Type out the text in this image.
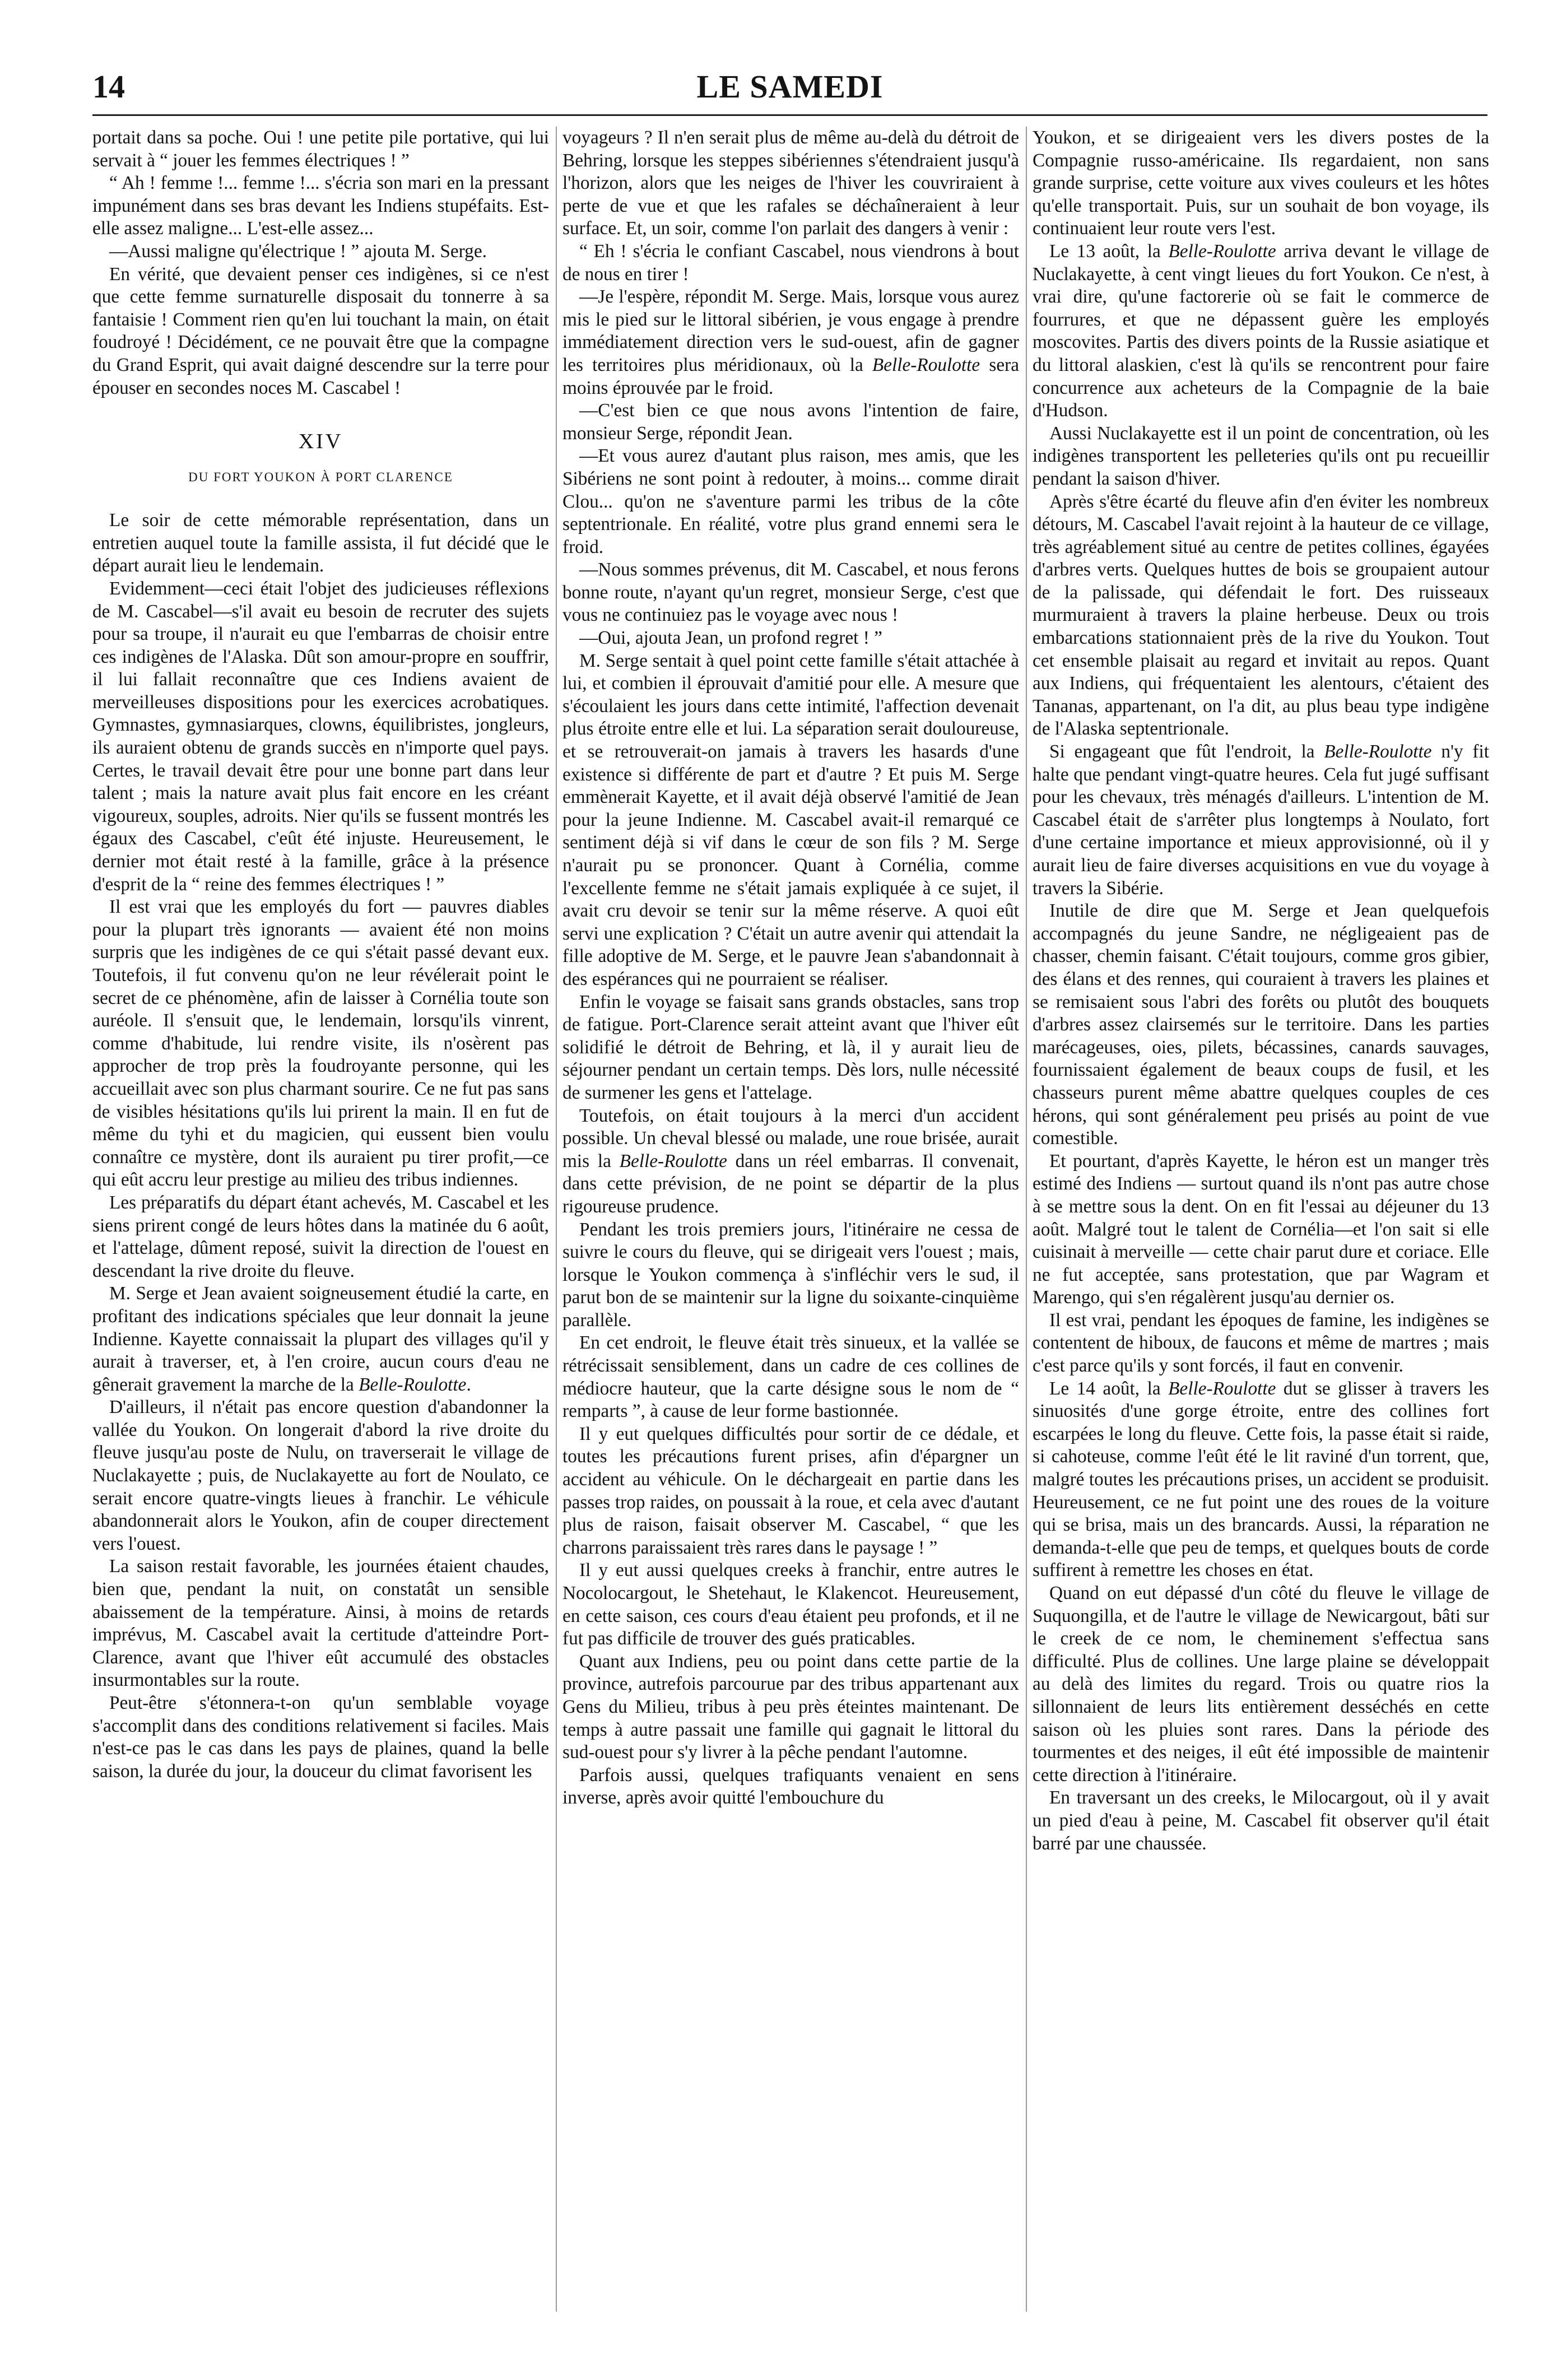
14	LE SAMEDI

portait dans sa poche. Oui ! une petite pile portative, qui lui servait à “ jouer les femmes électriques ! ”

“ Ah ! femme !... femme !... s'écria son mari en la pressant impunément dans ses bras devant les Indiens stupéfaits. Est-elle assez maligne... L'est-elle assez...

—Aussi maligne qu'électrique ! ” ajouta M. Serge.

En vérité, que devaient penser ces indigènes, si ce n'est que cette femme surnaturelle disposait du tonnerre à sa fantaisie ! Comment rien qu'en lui touchant la main, on était foudroyé ! Décidément, ce ne pouvait être que la compagne du Grand Esprit, qui avait daigné descendre sur la terre pour épouser en secondes noces M. Cascabel !

XIV
DU FORT YOUKON À PORT CLARENCE

Le soir de cette mémorable représentation, dans un entretien auquel toute la famille assista, il fut décidé que le départ aurait lieu le lendemain.

Evidemment—ceci était l'objet des judicieuses réflexions de M. Cascabel—s'il avait eu besoin de recruter des sujets pour sa troupe, il n'aurait eu que l'embarras de choisir entre ces indigènes de l'Alaska. Dût son amour-propre en souffrir, il lui fallait reconnaître que ces Indiens avaient de merveilleuses dispositions pour les exercices acrobatiques. Gymnastes, gymnasiarques, clowns, équilibristes, jongleurs, ils auraient obtenu de grands succès en n'importe quel pays. Certes, le travail devait être pour une bonne part dans leur talent ; mais la nature avait plus fait encore en les créant vigoureux, souples, adroits. Nier qu'ils se fussent montrés les égaux des Cascabel, c'eût été injuste. Heureusement, le dernier mot était resté à la famille, grâce à la présence d'esprit de la “ reine des femmes électriques ! ”

Il est vrai que les employés du fort — pauvres diables pour la plupart très ignorants — avaient été non moins surpris que les indigènes de ce qui s'était passé devant eux. Toutefois, il fut convenu qu'on ne leur révélerait point le secret de ce phénomène, afin de laisser à Cornélia toute son auréole. Il s'ensuit que, le lendemain, lorsqu'ils vinrent, comme d'habitude, lui rendre visite, ils n'osèrent pas approcher de trop près la foudroyante personne, qui les accueillait avec son plus charmant sourire. Ce ne fut pas sans de visibles hésitations qu'ils lui prirent la main. Il en fut de même du tyhi et du magicien, qui eussent bien voulu connaître ce mystère, dont ils auraient pu tirer profit,—ce qui eût accru leur prestige au milieu des tribus indiennes.

Les préparatifs du départ étant achevés, M. Cascabel et les siens prirent congé de leurs hôtes dans la matinée du 6 août, et l'attelage, dûment reposé, suivit la direction de l'ouest en descendant la rive droite du fleuve.

M. Serge et Jean avaient soigneusement étudié la carte, en profitant des indications spéciales que leur donnait la jeune Indienne. Kayette connaissait la plupart des villages qu'il y aurait à traverser, et, à l'en croire, aucun cours d'eau ne gênerait gravement la marche de la Belle-Roulotte.

D'ailleurs, il n'était pas encore question d'abandonner la vallée du Youkon. On longerait d'abord la rive droite du fleuve jusqu'au poste de Nulu, on traverserait le village de Nuclakayette ; puis, de Nuclakayette au fort de Noulato, ce serait encore quatre-vingts lieues à franchir. Le véhicule abandonnerait alors le Youkon, afin de couper directement vers l'ouest.

La saison restait favorable, les journées étaient chaudes, bien que, pendant la nuit, on constatât un sensible abaissement de la température. Ainsi, à moins de retards imprévus, M. Cascabel avait la certitude d'atteindre Port-Clarence, avant que l'hiver eût accumulé des obstacles insurmontables sur la route.

Peut-être s'étonnera-t-on qu'un semblable voyage s'accomplit dans des conditions relativement si faciles. Mais n'est-ce pas le cas dans les pays de plaines, quand la belle saison, la durée du jour, la douceur du climat favorisent les

voyageurs ? Il n'en serait plus de même au-delà du détroit de Behring, lorsque les steppes sibériennes s'étendraient jusqu'à l'horizon, alors que les neiges de l'hiver les couvriraient à perte de vue et que les rafales se déchaîneraient à leur surface. Et, un soir, comme l'on parlait des dangers à venir :

“ Eh ! s'écria le confiant Cascabel, nous viendrons à bout de nous en tirer !

—Je l'espère, répondit M. Serge. Mais, lorsque vous aurez mis le pied sur le littoral sibérien, je vous engage à prendre immédiatement direction vers le sud-ouest, afin de gagner les territoires plus méridionaux, où la Belle-Roulotte sera moins éprouvée par le froid.

—C'est bien ce que nous avons l'intention de faire, monsieur Serge, répondit Jean.

—Et vous aurez d'autant plus raison, mes amis, que les Sibériens ne sont point à redouter, à moins... comme dirait Clou... qu'on ne s'aventure parmi les tribus de la côte septentrionale. En réalité, votre plus grand ennemi sera le froid.

—Nous sommes prévenus, dit M. Cascabel, et nous ferons bonne route, n'ayant qu'un regret, monsieur Serge, c'est que vous ne continuiez pas le voyage avec nous !

—Oui, ajouta Jean, un profond regret ! ”

M. Serge sentait à quel point cette famille s'était attachée à lui, et combien il éprouvait d'amitié pour elle. A mesure que s'écoulaient les jours dans cette intimité, l'affection devenait plus étroite entre elle et lui. La séparation serait douloureuse, et se retrouverait-on jamais à travers les hasards d'une existence si différente de part et d'autre ? Et puis M. Serge emmènerait Kayette, et il avait déjà observé l'amitié de Jean pour la jeune Indienne. M. Cascabel avait-il remarqué ce sentiment déjà si vif dans le cœur de son fils ? M. Serge n'aurait pu se prononcer. Quant à Cornélia, comme l'excellente femme ne s'était jamais expliquée à ce sujet, il avait cru devoir se tenir sur la même réserve. A quoi eût servi une explication ? C'était un autre avenir qui attendait la fille adoptive de M. Serge, et le pauvre Jean s'abandonnait à des espérances qui ne pourraient se réaliser.

Enfin le voyage se faisait sans grands obstacles, sans trop de fatigue. Port-Clarence serait atteint avant que l'hiver eût solidifié le détroit de Behring, et là, il y aurait lieu de séjourner pendant un certain temps. Dès lors, nulle nécessité de surmener les gens et l'attelage.

Toutefois, on était toujours à la merci d'un accident possible. Un cheval blessé ou malade, une roue brisée, aurait mis la Belle-Roulotte dans un réel embarras. Il convenait, dans cette prévision, de ne point se départir de la plus rigoureuse prudence.

Pendant les trois premiers jours, l'itinéraire ne cessa de suivre le cours du fleuve, qui se dirigeait vers l'ouest ; mais, lorsque le Youkon commença à s'infléchir vers le sud, il parut bon de se maintenir sur la ligne du soixante-cinquième parallèle.

En cet endroit, le fleuve était très sinueux, et la vallée se rétrécissait sensiblement, dans un cadre de ces collines de médiocre hauteur, que la carte désigne sous le nom de “ remparts ”, à cause de leur forme bastionnée.

Il y eut quelques difficultés pour sortir de ce dédale, et toutes les précautions furent prises, afin d'épargner un accident au véhicule. On le déchargeait en partie dans les passes trop raides, on poussait à la roue, et cela avec d'autant plus de raison, faisait observer M. Cascabel, “ que les charrons paraissaient très rares dans le paysage ! ”

Il y eut aussi quelques creeks à franchir, entre autres le Nocolocargout, le Shetehaut, le Klakencot. Heureusement, en cette saison, ces cours d'eau étaient peu profonds, et il ne fut pas difficile de trouver des gués praticables.

Quant aux Indiens, peu ou point dans cette partie de la province, autrefois parcourue par des tribus appartenant aux Gens du Milieu, tribus à peu près éteintes maintenant. De temps à autre passait une famille qui gagnait le littoral du sud-ouest pour s'y livrer à la pêche pendant l'automne.

Parfois aussi, quelques trafiquants venaient en sens inverse, après avoir quitté l'embouchure du

Youkon, et se dirigeaient vers les divers postes de la Compagnie russo-américaine. Ils regardaient, non sans grande surprise, cette voiture aux vives couleurs et les hôtes qu'elle transportait. Puis, sur un souhait de bon voyage, ils continuaient leur route vers l'est.

Le 13 août, la Belle-Roulotte arriva devant le village de Nuclakayette, à cent vingt lieues du fort Youkon. Ce n'est, à vrai dire, qu'une factorerie où se fait le commerce de fourrures, et que ne dépassent guère les employés moscovites. Partis des divers points de la Russie asiatique et du littoral alaskien, c'est là qu'ils se rencontrent pour faire concurrence aux acheteurs de la Compagnie de la baie d'Hudson.

Aussi Nuclakayette est il un point de concentration, où les indigènes transportent les pelleteries qu'ils ont pu recueillir pendant la saison d'hiver.

Après s'être écarté du fleuve afin d'en éviter les nombreux détours, M. Cascabel l'avait rejoint à la hauteur de ce village, très agréablement situé au centre de petites collines, égayées d'arbres verts. Quelques huttes de bois se groupaient autour de la palissade, qui défendait le fort. Des ruisseaux murmuraient à travers la plaine herbeuse. Deux ou trois embarcations stationnaient près de la rive du Youkon. Tout cet ensemble plaisait au regard et invitait au repos. Quant aux Indiens, qui fréquentaient les alentours, c'étaient des Tananas, appartenant, on l'a dit, au plus beau type indigène de l'Alaska septentrionale.

Si engageant que fût l'endroit, la Belle-Roulotte n'y fit halte que pendant vingt-quatre heures. Cela fut jugé suffisant pour les chevaux, très ménagés d'ailleurs. L'intention de M. Cascabel était de s'arrêter plus longtemps à Noulato, fort d'une certaine importance et mieux approvisionné, où il y aurait lieu de faire diverses acquisitions en vue du voyage à travers la Sibérie.

Inutile de dire que M. Serge et Jean quelquefois accompagnés du jeune Sandre, ne négligeaient pas de chasser, chemin faisant. C'était toujours, comme gros gibier, des élans et des rennes, qui couraient à travers les plaines et se remisaient sous l'abri des forêts ou plutôt des bouquets d'arbres assez clairsemés sur le territoire. Dans les parties marécageuses, oies, pilets, bécassines, canards sauvages, fournissaient également de beaux coups de fusil, et les chasseurs purent même abattre quelques couples de ces hérons, qui sont généralement peu prisés au point de vue comestible.

Et pourtant, d'après Kayette, le héron est un manger très estimé des Indiens — surtout quand ils n'ont pas autre chose à se mettre sous la dent. On en fit l'essai au déjeuner du 13 août. Malgré tout le talent de Cornélia—et l'on sait si elle cuisinait à merveille — cette chair parut dure et coriace. Elle ne fut acceptée, sans protestation, que par Wagram et Marengo, qui s'en régalèrent jusqu'au dernier os.

Il est vrai, pendant les époques de famine, les indigènes se contentent de hiboux, de faucons et même de martres ; mais c'est parce qu'ils y sont forcés, il faut en convenir.

Le 14 août, la Belle-Roulotte dut se glisser à travers les sinuosités d'une gorge étroite, entre des collines fort escarpées le long du fleuve. Cette fois, la passe était si raide, si cahoteuse, comme l'eût été le lit raviné d'un torrent, que, malgré toutes les précautions prises, un accident se produisit. Heureusement, ce ne fut point une des roues de la voiture qui se brisa, mais un des brancards. Aussi, la réparation ne demanda-t-elle que peu de temps, et quelques bouts de corde suffirent à remettre les choses en état.

Quand on eut dépassé d'un côté du fleuve le village de Suquongilla, et de l'autre le village de Newicargout, bâti sur le creek de ce nom, le cheminement s'effectua sans difficulté. Plus de collines. Une large plaine se développait au delà des limites du regard. Trois ou quatre rios la sillonnaient de leurs lits entièrement desséchés en cette saison où les pluies sont rares. Dans la période des tourmentes et des neiges, il eût été impossible de maintenir cette direction à l'itinéraire.

En traversant un des creeks, le Milocargout, où il y avait un pied d'eau à peine, M. Cascabel fit observer qu'il était barré par une chaussée.
